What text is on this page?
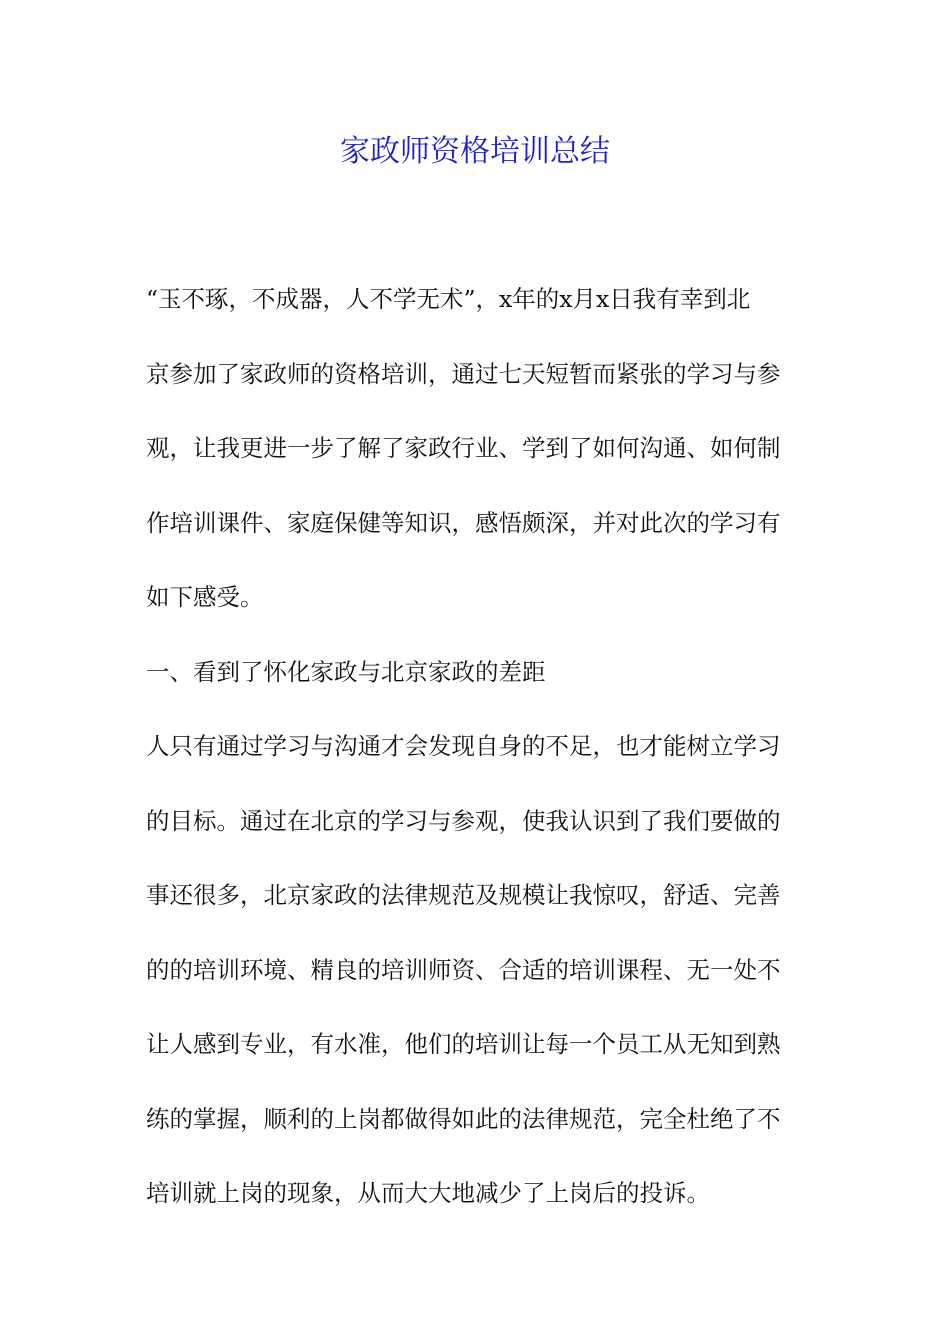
家政师资格培训总结
“玉不琢，不成器，人不学无术”，x年的x月x日我有幸到北
京参加了家政师的资格培训，通过七天短暂而紧张的学习与参
观，让我更进一步了解了家政行业、学到了如何沟通、如何制
作培训课件、家庭保健等知识，感悟颇深，并对此次的学习有
如下感受。
一、看到了怀化家政与北京家政的差距
人只有通过学习与沟通才会发现自身的不足，也才能树立学习
的目标。通过在北京的学习与参观，使我认识到了我们要做的
事还很多，北京家政的法律规范及规模让我惊叹，舒适、完善
的的培训环境、精良的培训师资、合适的培训课程、无一处不
让人感到专业，有水准，他们的培训让每一个员工从无知到熟
练的掌握，顺利的上岗都做得如此的法律规范，完全杜绝了不
培训就上岗的现象，从而大大地减少了上岗后的投诉。
